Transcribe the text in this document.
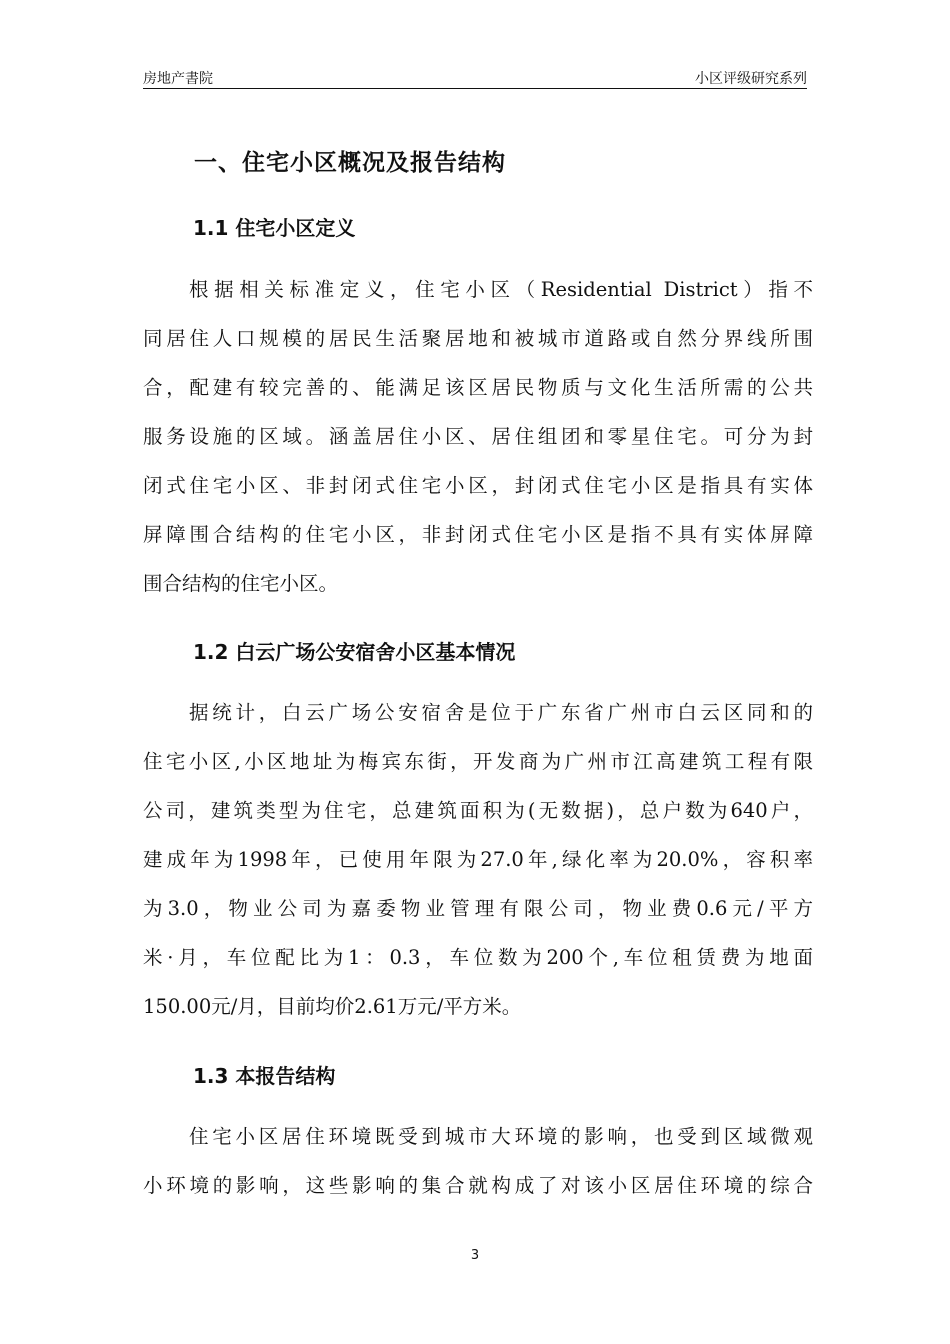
房地产書院	小区评级研究系列
一、住宅小区概况及报告结构
1.1 住宅小区定义
根据相关标准定义，住宅小区（Residential District）指不
同居住人口规模的居民生活聚居地和被城市道路或自然分界线所围
合，配建有较完善的、能满足该区居民物质与文化生活所需的公共
服务设施的区域。涵盖居住小区、居住组团和零星住宅。可分为封
闭式住宅小区、非封闭式住宅小区，封闭式住宅小区是指具有实体
屏障围合结构的住宅小区，非封闭式住宅小区是指不具有实体屏障
围合结构的住宅小区。
1.2 白云广场公安宿舍小区基本情况
据统计，白云广场公安宿舍是位于广东省广州市白云区同和的
住宅小区,小区地址为梅宾东街，开发商为广州市江高建筑工程有限
公司，建筑类型为住宅，总建筑面积为(无数据)，总户数为640户，
建成年为1998年，已使用年限为27.0年,绿化率为20.0%，容积率
为3.0，物业公司为嘉委物业管理有限公司，物业费0.6元/平方
米·月，车位配比为1：0.3，车位数为200个,车位租赁费为地面
150.00元/月，目前均价2.61万元/平方米。
1.3 本报告结构
住宅小区居住环境既受到城市大环境的影响，也受到区域微观
小环境的影响，这些影响的集合就构成了对该小区居住环境的综合
3
